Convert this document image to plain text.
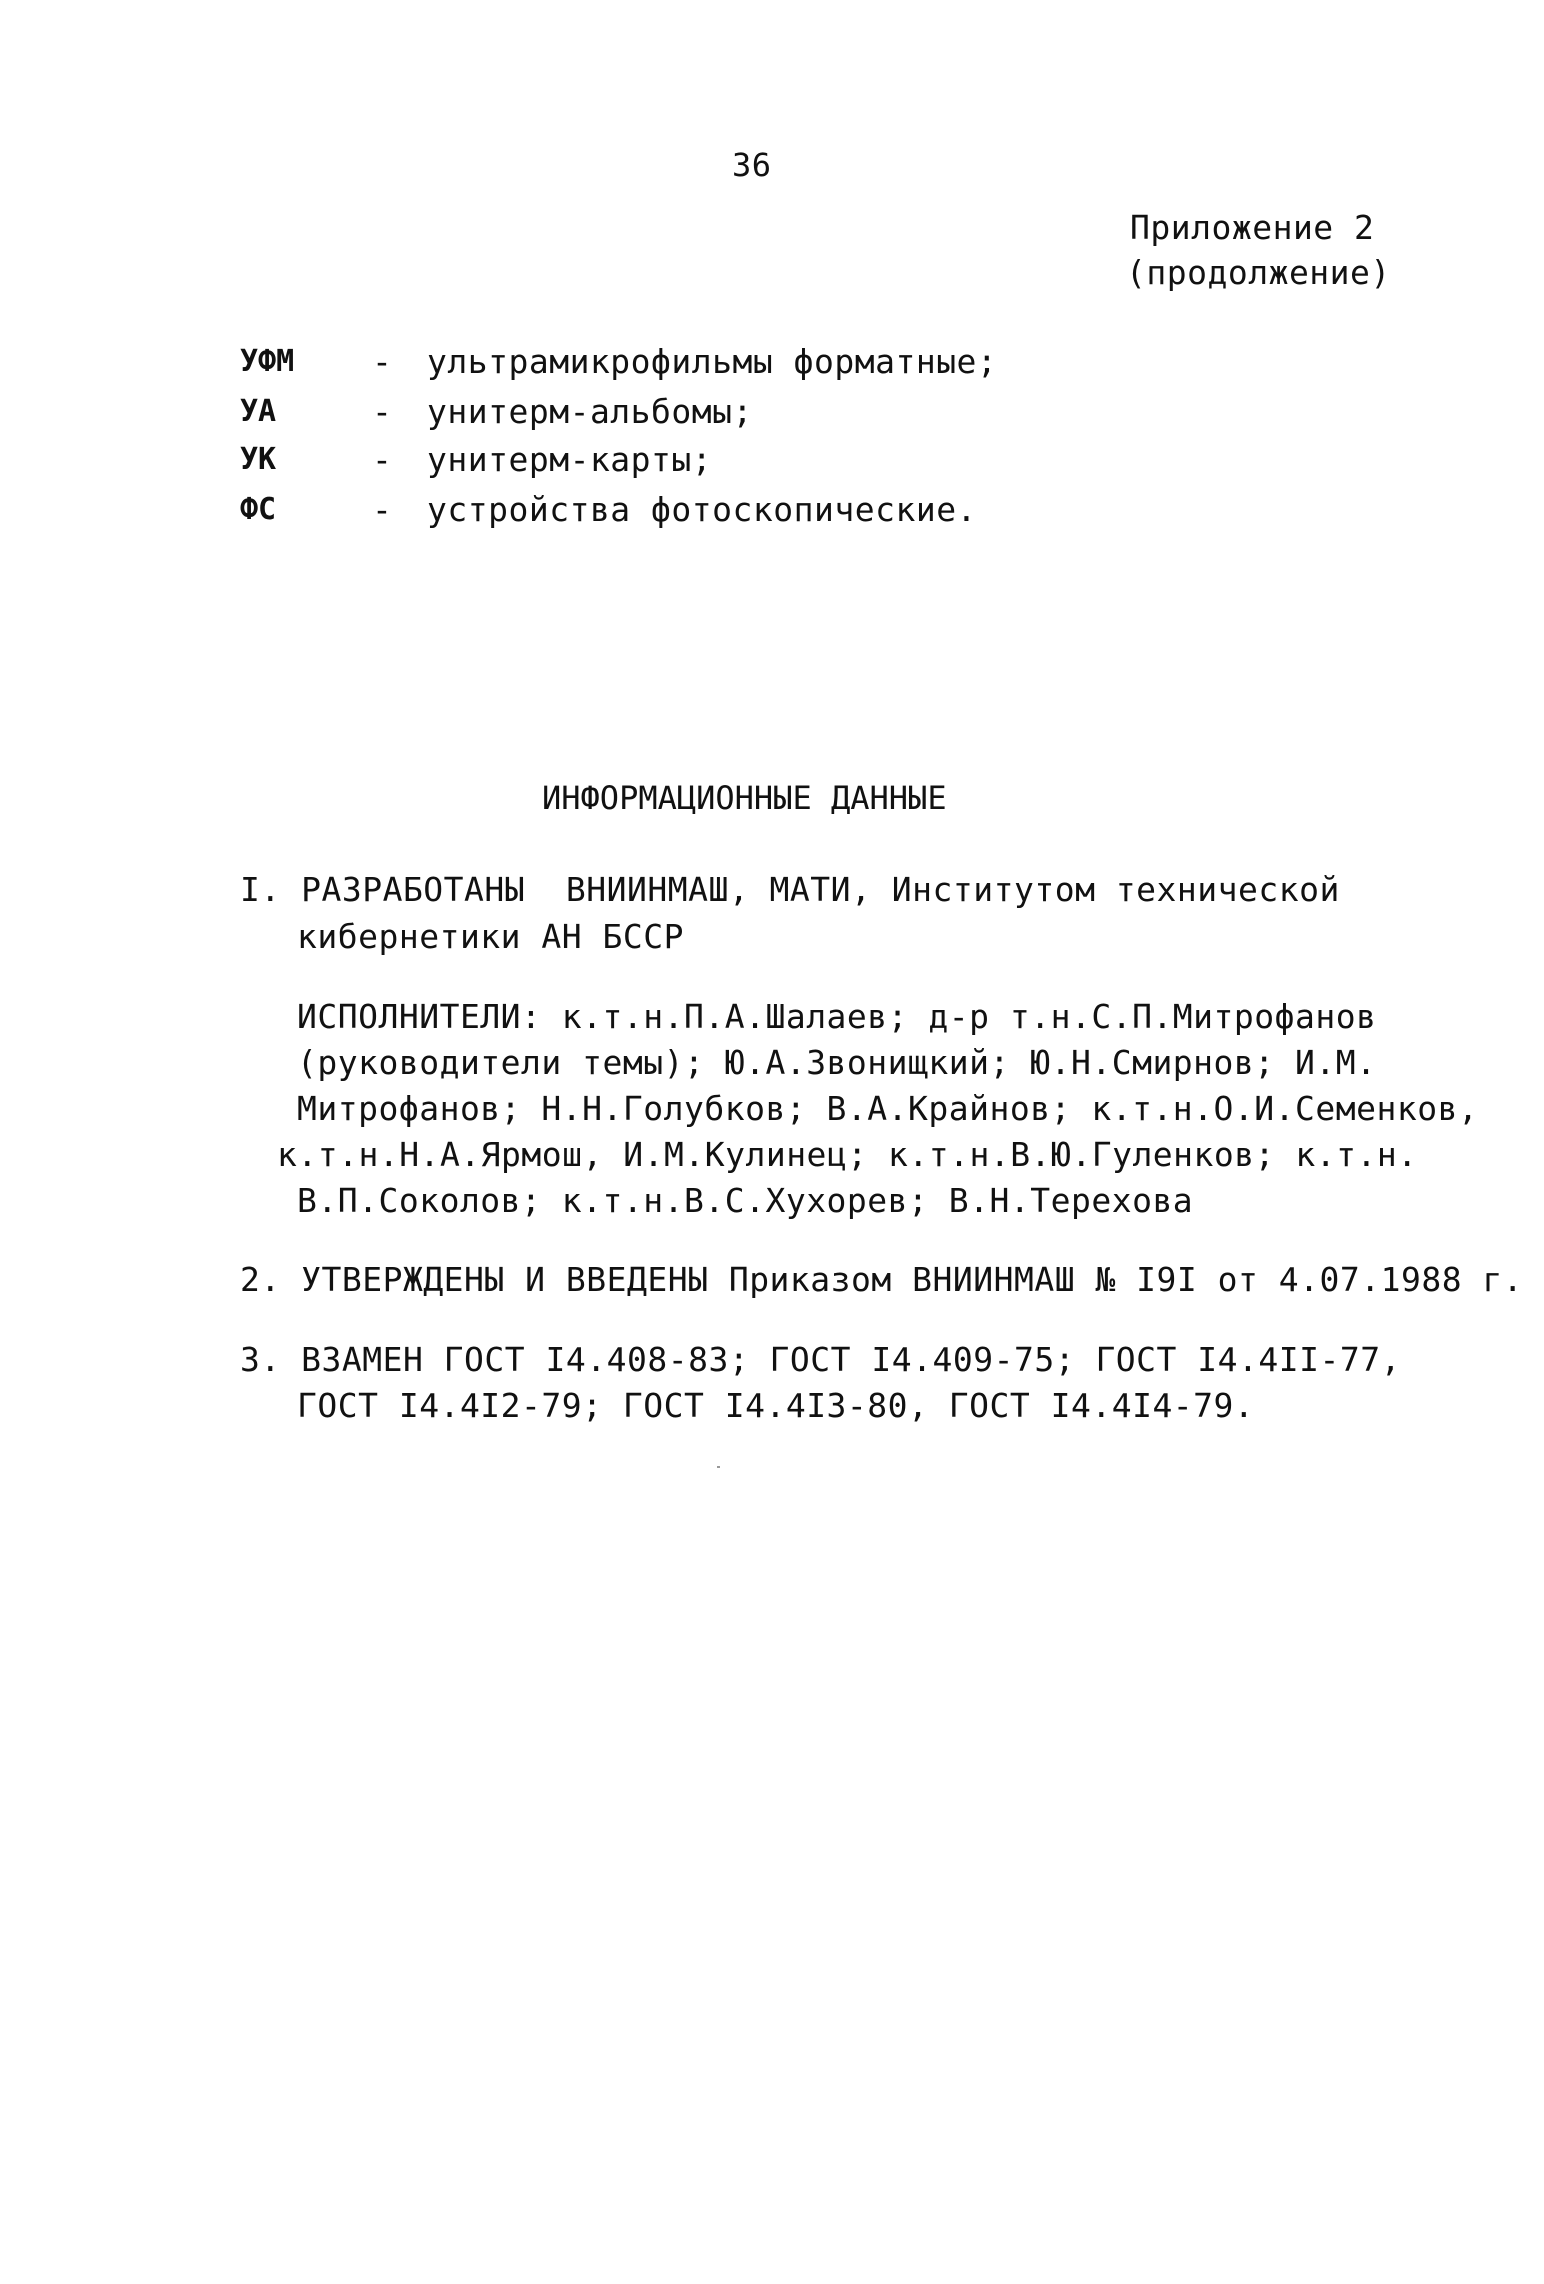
36
Приложение 2
(продолжение)
УФМ - ультрамикрофильмы форматные;
УА	- унитерм-альбомы;
УК	- унитерм-карты;
ФС	- устройства фотоскопические.
ИНФОРМАЦИОННЫЕ ДАННЫЕ
I. РАЗРАБОТАНЫ  ВНИИНМАШ, МАТИ, Институтом технической
кибернетики АН БССР
ИСПОЛНИТЕЛИ: к.т.н.П.А.Шалаев; д-р т.н.С.П.Митрофанов
(руководители темы); Ю.А.Звонищкий; Ю.Н.Смирнов; И.М.
Митрофанов; Н.Н.Голубков; В.А.Крайнов; к.т.н.О.И.Семенков,
к.т.н.Н.А.Ярмош, И.М.Кулинец; к.т.н.В.Ю.Гуленков; к.т.н.
В.П.Соколов; к.т.н.В.С.Хухорев; В.Н.Терехова
2. УТВЕРЖДЕНЫ И ВВЕДЕНЫ Приказом ВНИИНМАШ № I9I от 4.07.1988 г.
3. ВЗАМЕН ГОСТ I4.408-83; ГОСТ I4.409-75; ГОСТ I4.4II-77,
ГОСТ I4.4I2-79; ГОСТ I4.4I3-80, ГОСТ I4.4I4-79.
